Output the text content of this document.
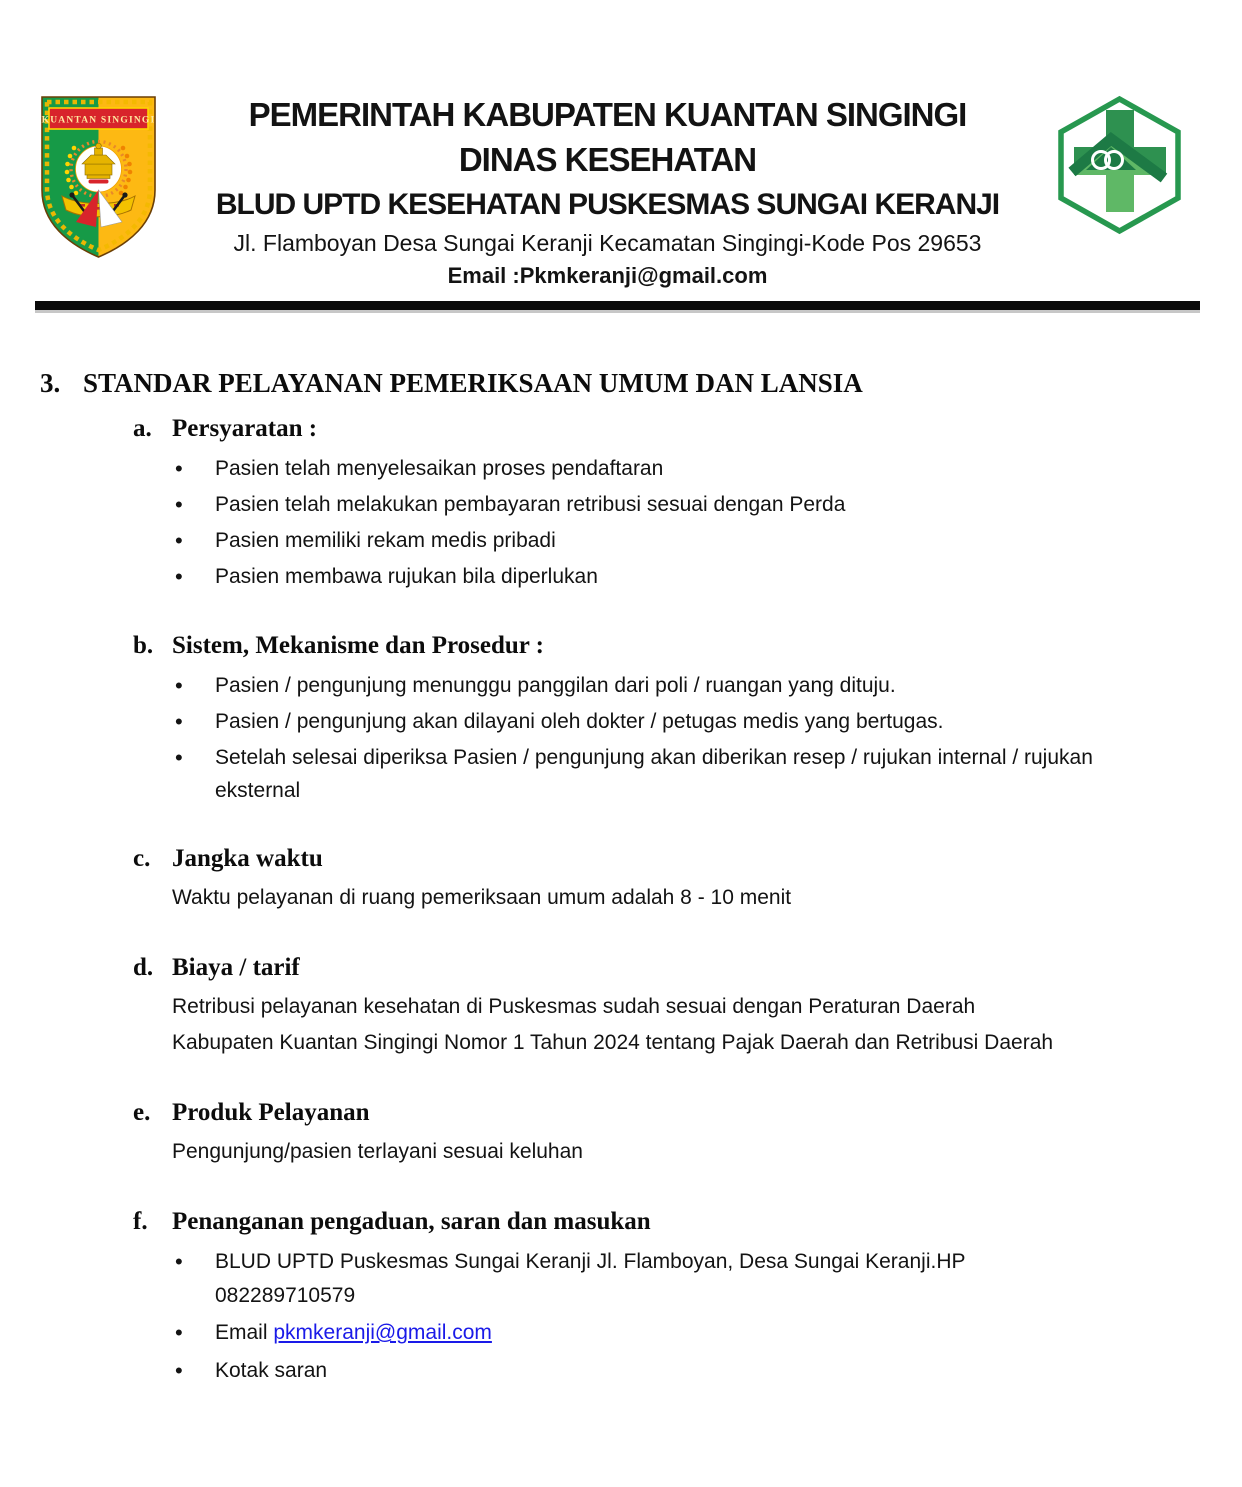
KUANTAN SINGINGI	PEMERINTAH KABUPATEN KUANTAN SINGINGI
DINAS KESEHATAN
BLUD UPTD KESEHATAN PUSKESMAS SUNGAI KERANJI
Jl. Flamboyan Desa Sungai Keranji Kecamatan Singingi-Kode Pos 29653
Email :Pkmkeranji@gmail.com
3. STANDAR PELAYANAN PEMERIKSAAN UMUM DAN LANSIA
a. Persyaratan :
•
Pasien telah menyelesaikan proses pendaftaran
•
Pasien telah melakukan pembayaran retribusi sesuai dengan Perda
•
Pasien memiliki rekam medis pribadi
•
Pasien membawa rujukan bila diperlukan
b. Sistem, Mekanisme dan Prosedur :
•
Pasien / pengunjung menunggu panggilan dari poli / ruangan yang dituju.
•
Pasien / pengunjung akan dilayani oleh dokter / petugas medis yang bertugas.
•
Setelah selesai diperiksa Pasien / pengunjung akan diberikan resep / rujukan internal / rujukan eksternal
c. Jangka waktu
Waktu pelayanan di ruang pemeriksaan umum adalah 8 - 10 menit
d. Biaya / tarif
Retribusi pelayanan kesehatan di Puskesmas sudah sesuai dengan Peraturan Daerah Kabupaten Kuantan Singingi Nomor 1 Tahun 2024 tentang Pajak Daerah dan Retribusi Daerah
e. Produk Pelayanan
Pengunjung/pasien terlayani sesuai keluhan
f. Penanganan pengaduan, saran dan masukan
•
BLUD UPTD Puskesmas Sungai Keranji Jl. Flamboyan, Desa Sungai Keranji.HP 082289710579
•
Email pkmkeranji@gmail.com
•
Kotak saran
